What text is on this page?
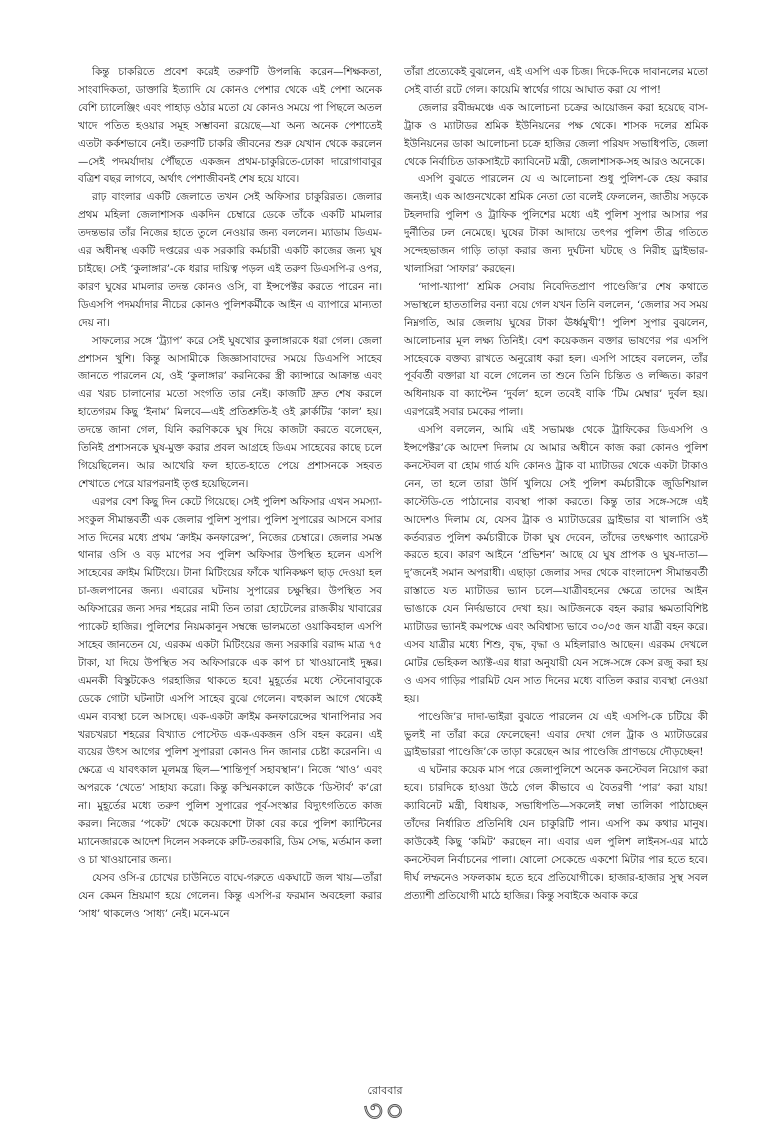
কিন্তু চাকরিতে প্রবেশ করেই তরুণটি উপলব্ধি করেন—শিক্ষকতা, সাংবাদিকতা, ডাক্তারি ইত্যাদি যে কোনও পেশার থেকে এই পেশা অনেক বেশি চ্যালেঞ্জিং এবং পাহাড় ওঠার মতো যে কোনও সময়ে পা পিছলে অতল খাদে পতিত হওয়ার সমূহ সম্ভাবনা রয়েছে—যা অন্য অনেক পেশাতেই এতটা কর্কশভাবে নেই। তরুণটি চাকরি জীবনের শুরু যেখান থেকে করলেন—সেই পদমর্যাদায় পৌঁছতে একজন প্রথম-চাকুরিতে-ঢোকা দারোগাবাবুর বত্রিশ বছর লাগবে, অর্থাৎ পেশাজীবনই শেষ হয়ে যাবে।

রাঢ় বাংলার একটি জেলাতে তখন সেই অফিসার চাকুরিরত। জেলার প্রথম মহিলা জেলাশাসক একদিন চেম্বারে ডেকে তাঁকে একটি মামলার তদন্তভার তাঁর নিজের হাতে তুলে নেওয়ার জন্য বললেন। ম্যাডাম ডিএম-এর অধীনস্থ একটি দপ্তরের এক সরকারি কর্মচারী একটি কাজের জন্য ঘুষ চাইছে। সেই ‘কুলাঙ্গার’-কে ধরার দায়িত্ব পড়ল এই তরুণ ডিএসপি-র ওপর, কারণ ঘুষের মামলার তদন্ত কোনও ওসি, বা ইন্সপেক্টর করতে পারেন না। ডিএসপি পদমর্যাদার নীচের কোনও পুলিশকর্মীকে আইন এ ব্যাপারে মান্যতা দেয় না।

সাফল্যের সঙ্গে ‘ট্র্যাপ’ করে সেই ঘুষখোর কুলাঙ্গারকে ধরা গেল। জেলা প্রশাসন খুশি। কিন্তু আসামীকে জিজ্ঞাসাবাদের সময়ে ডিএসপি সাহেব জানতে পারলেন যে, ওই ‘কুলাঙ্গার’ করনিকের স্ত্রী ক্যান্সারে আক্রান্ত এবং এর খরচ চালানোর মতো সংগতি তার নেই। কাজটি দ্রুত শেষ করলে হাতেগরম কিছু ‘ইনাম’ মিলবে—এই প্রতিশ্রুতি-ই ওই ক্লার্কটির ‘কাল’ হয়। তদন্তে জানা গেল, যিনি করণিককে ঘুষ দিয়ে কাজটা করতে বলেছেন, তিনিই প্রশাসনকে ঘুষ-মুক্ত করার প্রবল আগ্রহে ডিএম সাহেবের কাছে চলে গিয়েছিলেন। আর আখেরি ফল হাতে-হাতে পেয়ে প্রশাসনকে সহবত শেখাতে পেরে যারপরনাই তৃপ্ত হয়েছিলেন।

এরপর বেশ কিছু দিন কেটে গিয়েছে। সেই পুলিশ অফিসার এখন সমস্যা-সংকুল সীমান্তবর্তী এক জেলার পুলিশ সুপার। পুলিশ সুপারের আসনে বসার সাত দিনের মধ্যে প্রথম ‘ক্রাইম কনফারেন্স’, নিজের চেম্বারে। জেলার সমস্ত থানার ওসি ও বড় মাপের সব পুলিশ অফিসার উপস্থিত হলেন এসপি সাহেবের ক্রাইম মিটিংয়ে। টানা মিটিংয়ের ফাঁকে খানিকক্ষণ ছাড় দেওয়া হল চা-জলপানের জন্য। এবারের ঘটনায় সুপারের চক্ষুস্থির। উপস্থিত সব অফিসারের জন্য সদর শহরের নামী তিন তারা হোটেলের রাজকীয় খাবারের প্যাকেট হাজির। পুলিশের নিয়মকানুন সম্বন্ধে ভালমতো ওয়াকিবহাল এসপি সাহেব জানতেন যে, এরকম একটা মিটিংয়ের জন্য সরকারি বরাদ্দ মাত্র ৭৫ টাকা, যা দিয়ে উপস্থিত সব অফিসারকে এক কাপ চা খাওয়ানোই দুষ্কর। এমনকী বিস্কুটকেও গরহাজির থাকতে হবে! মুহূর্তের মধ্যে স্টেনোবাবুকে ডেকে গোটা ঘটনাটা এসপি সাহেব বুঝে গেলেন। বহুকাল আগে থেকেই এমন ব্যবস্থা চলে আসছে। এক-একটা ক্রাইম কনফারেন্সের খানাপিনার সব খরচখরচা শহরের বিখ্যাত পোস্টেড এক-একজন ওসি বহন করেন। এই ব্যয়ের উৎস আগের পুলিশ সুপাররা কোনও দিন জানার চেষ্টা করেননি। এ ক্ষেত্রে এ যাবৎকাল মূলমন্ত্র ছিল—‘শান্তিপূর্ণ সহাবস্থান’। নিজে ‘খাও’ এবং অপরকে ‘খেতে’ সাহায্য করো। কিন্তু কস্মিনকালে কাউকে ‘ডিস্টার্ব’ ক’রো না। মুহূর্তের মধ্যে তরুণ পুলিশ সুপারের পূর্ব-সংস্কার বিদ্যুৎগতিতে কাজ করল। নিজের ‘পকেট’ থেকে কয়েকশো টাকা বের করে পুলিশ ক্যান্টিনের ম্যানেজারকে আদেশ দিলেন সকলকে রুটি-তরকারি, ডিম সেদ্ধ, মর্তমান কলা ও চা খাওয়ানোর জন্য।

যেসব ওসি-র চোখের চাউনিতে বাঘে-গরুতে একঘাটে জল খায়—তাঁরা যেন কেমন ম্রিয়মাণ হয়ে গেলেন। কিন্তু এসপি-র ফরমান অবহেলা করার ‘সাধ’ থাকলেও ‘সাধ্য’ নেই। মনে-মনে

তাঁরা প্রত্যেকেই বুঝলেন, এই এসপি এক চিজ। দিকে-দিকে দাবানলের মতো সেই বার্তা রটে গেল। কায়েমি স্বার্থের গায়ে আঘাত করা যে পাপ!

জেলার রবীন্দ্রমঞ্চে এক আলোচনা চক্রের আয়োজন করা হয়েছে বাস-ট্রাক ও ম্যাটাডর শ্রমিক ইউনিয়নের পক্ষ থেকে। শাসক দলের শ্রমিক ইউনিয়নের ডাকা আলোচনা চক্রে হাজির জেলা পরিষদ সভাধিপতি, জেলা থেকে নির্বাচিত ডাকসাইটে ক্যাবিনেট মন্ত্রী, জেলাশাসক-সহ আরও অনেকে।

এসপি বুঝতে পারলেন যে এ আলোচনা শুধু পুলিশ-কে হেয় করার জন্যই। এক আগুনখেকো শ্রমিক নেতা তো বলেই ফেললেন, জাতীয় সড়কে টহলদারি পুলিশ ও ট্রাফিক পুলিশের মধ্যে এই পুলিশ সুপার আসার পর দুর্নীতির ঢল নেমেছে। ঘুষের টাকা আদায়ে তৎপর পুলিশ তীব্র গতিতে সন্দেহভাজন গাড়ি তাড়া করার জন্য দুর্ঘটনা ঘটছে ও নিরীহ ড্রাইভার-খালাসিরা ‘সাফার’ করছেন।

‘দাপা-খ্যাপা’ শ্রমিক সেবায় নিবেদিতপ্রাণ পাণ্ডেজি’র শেষ কথাতে সভাস্থলে হাততালির বন্যা বয়ে গেল যখন তিনি বললেন, ‘জেলার সব সময় নিম্নগতি, আর জেলায় ঘুষের টাকা ঊর্ধ্বমুখী’! পুলিশ সুপার বুঝলেন, আলোচনার মূল লক্ষ্য তিনিই। বেশ কয়েকজন বক্তার ভাষণের পর এসপি সাহেবকে বক্তব্য রাখতে অনুরোধ করা হল। এসপি সাহেব বললেন, তাঁর পূর্ববর্তী বক্তারা যা বলে গেলেন তা শুনে তিনি চিন্তিত ও লজ্জিত। কারণ অধিনায়ক বা ক্যাপ্টেন ‘দুর্বল’ হলে তবেই বাকি ‘টিম মেম্বার’ দুর্বল হয়। এরপরেই সবার চমকের পালা।

এসপি বললেন, আমি এই সভামঞ্চ থেকে ট্রাফিকের ডিএসপি ও ইন্সপেক্টর’কে আদেশ দিলাম যে আমার অধীনে কাজ করা কোনও পুলিশ কনস্টেবল বা হোম গার্ড যদি কোনও ট্রাক বা ম্যাটাডর থেকে একটা টাকাও নেন, তা হলে তারা উর্দি খুলিয়ে সেই পুলিশ কর্মচারীকে জুডিশিয়াল কাস্টেডি-তে পাঠানোর ব্যবস্থা পাকা করতে। কিন্তু তার সঙ্গে-সঙ্গে এই আদেশও দিলাম যে, যেসব ট্রাক ও ম্যাটাডরের ড্রাইভার বা খালাসি ওই কর্তব্যরত পুলিশ কর্মচারীকে টাকা ঘুষ দেবেন, তাঁদের তৎক্ষণাৎ অ্যারেস্ট করতে হবে। কারণ আইনে ‘প্রভিশন’ আছে যে ঘুষ প্রাপক ও ঘুষ-দাতা—দু’জনেই সমান অপরাধী। এছাড়া জেলার সদর থেকে বাংলাদেশ সীমান্তবর্তী রাস্তাতে যত ম্যাটাডর ভ্যান চলে—যাত্রীবহনের ক্ষেত্রে তাদের আইন ভাঙাকে যেন নির্দয়ভাবে দেখা হয়। আটজনকে বহন করার ক্ষমতাবিশিষ্ট ম্যাটাডর ভ্যানই কমপক্ষে এবং অবিশ্বাস্য ভাবে ৩০/৩৫ জন যাত্রী বহন করে। এসব যাত্রীর মধ্যে শিশু, বৃদ্ধ, বৃদ্ধা ও মহিলারাও আছেন। এরকম দেখলে মোটর ভেহিকল অ্যাক্ট-এর ধারা অনুযায়ী যেন সঙ্গে-সঙ্গে কেস রজু করা হয় ও এসব গাড়ির পারমিট যেন সাত দিনের মধ্যে বাতিল করার ব্যবস্থা নেওয়া হয়।

পাণ্ডেজি’র দাদা-ভাইরা বুঝতে পারলেন যে এই এসপি-কে চটিয়ে কী ভুলই না তাঁরা করে ফেলেছেন! এবার দেখা গেল ট্রাক ও ম্যাটাডরের ড্রাইভাররা পাণ্ডেজি’কে তাড়া করেছেন আর পাণ্ডেজি প্রাণভয়ে দৌড়চ্ছেন!

এ ঘটনার কয়েক মাস পরে জেলাপুলিশে অনেক কনস্টেবল নিয়োগ করা হবে। চারদিকে হাওয়া উঠে গেল কীভাবে এ বৈতরণী ‘পার’ করা যায়! ক্যাবিনেট মন্ত্রী, বিধায়ক, সভাধিপতি—সকলেই লম্বা তালিকা পাঠাচ্ছেন তাঁদের নির্ধারিত প্রতিনিধি যেন চাকুরিটি পান। এসপি কম কথার মানুষ। কাউকেই কিছু ‘কমিট’ করছেন না। এবার এল পুলিশ লাইনস-এর মাঠে কনস্টেবল নির্বাচনের পালা। ষোলো সেকেন্ডে একশো মিটার পার হতে হবে। দীর্ঘ লম্ফনেও সফলকাম হতে হবে প্রতিযোগীকে। হাজার-হাজার সুস্থ সবল প্রত্যাশী প্রতিযোগী মাঠে হাজির। কিন্তু সবাইকে অবাক করে

রোববার
৩০
